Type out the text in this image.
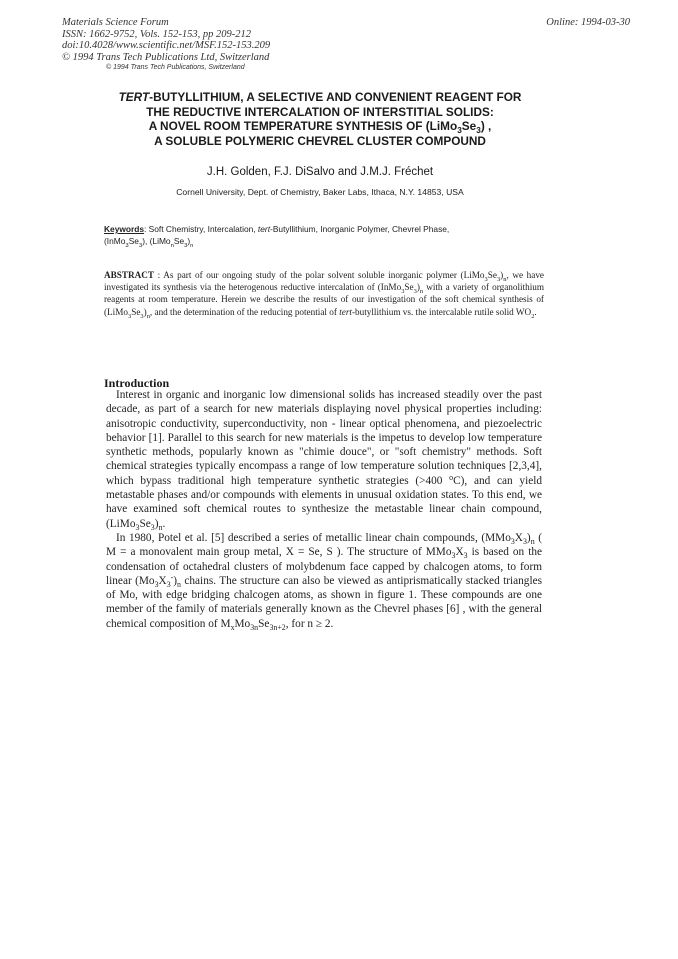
Materials Science Forum
ISSN: 1662-9752, Vols. 152-153, pp 209-212
doi:10.4028/www.scientific.net/MSF.152-153.209
© 1994 Trans Tech Publications Ltd, Switzerland
Online: 1994-03-30
© 1994 Trans Tech Publications, Switzerland
TERT-BUTYLLITHIUM, A SELECTIVE AND CONVENIENT REAGENT FOR
THE REDUCTIVE INTERCALATION OF INTERSTITIAL SOLIDS:
A NOVEL ROOM TEMPERATURE SYNTHESIS OF $(LiMo_3Se_3)$ ,
A SOLUBLE POLYMERIC CHEVREL CLUSTER COMPOUND
J.H. Golden, F.J. DiSalvo and J.M.J. Fréchet
Cornell University, Dept. of Chemistry, Baker Labs, Ithaca, N.Y. 14853, USA
Keywords: Soft Chemistry, Intercalation, tert-Butyllithium, Inorganic Polymer, Chevrel Phase,
$(InMo_3Se_3)$, $(LiMo_nSe_3)_n$

ABSTRACT : As part of our ongoing study of the polar solvent soluble inorganic polymer $(LiMo_3Se_3)_n$, we have investigated its synthesis via the heterogenous reductive intercalation of $(InMo_3Se_3)_n$ with a variety of organolithium reagents at room temperature. Herein we describe the results of our investigation of the soft chemical synthesis of $(LiMo_3Se_3)_n$, and the determination of the reducing potential of tert-butyllithium vs. the intercalable rutile solid $WO_2$.

Introduction

Interest in organic and inorganic low dimensional solids has increased steadily over the past decade, as part of a search for new materials displaying novel physical properties including: anisotropic conductivity, superconductivity, non - linear optical phenomena, and piezoelectric behavior [1]. Parallel to this search for new materials is the impetus to develop low temperature synthetic methods, popularly known as "chimie douce", or "soft chemistry" methods. Soft chemical strategies typically encompass a range of low temperature solution techniques [2,3,4], which bypass traditional high temperature synthetic strategies (>400 $^o$C), and can yield metastable phases and/or compounds with elements in unusual oxidation states. To this end, we have examined soft chemical routes to synthesize the metastable linear chain compound, $(LiMo_3Se_3)_n$.

In 1980, Potel et al. [5] described a series of metallic linear chain compounds, $(MMo_3X_3)_n$ ( M = a monovalent main group metal, X = Se, S ). The structure of $MMo_3X_3$ is based on the condensation of octahedral clusters of molybdenum face capped by chalcogen atoms, to form linear $(Mo_3X_3^-)_n$ chains. The structure can also be viewed as antiprismatically stacked triangles of Mo, with edge bridging chalcogen atoms, as shown in figure 1. These compounds are one member of the family of materials generally known as the Chevrel phases [6] , with the general chemical composition of $M_xMo_{3n}Se_{3n+2}$, for n ≥ 2.
